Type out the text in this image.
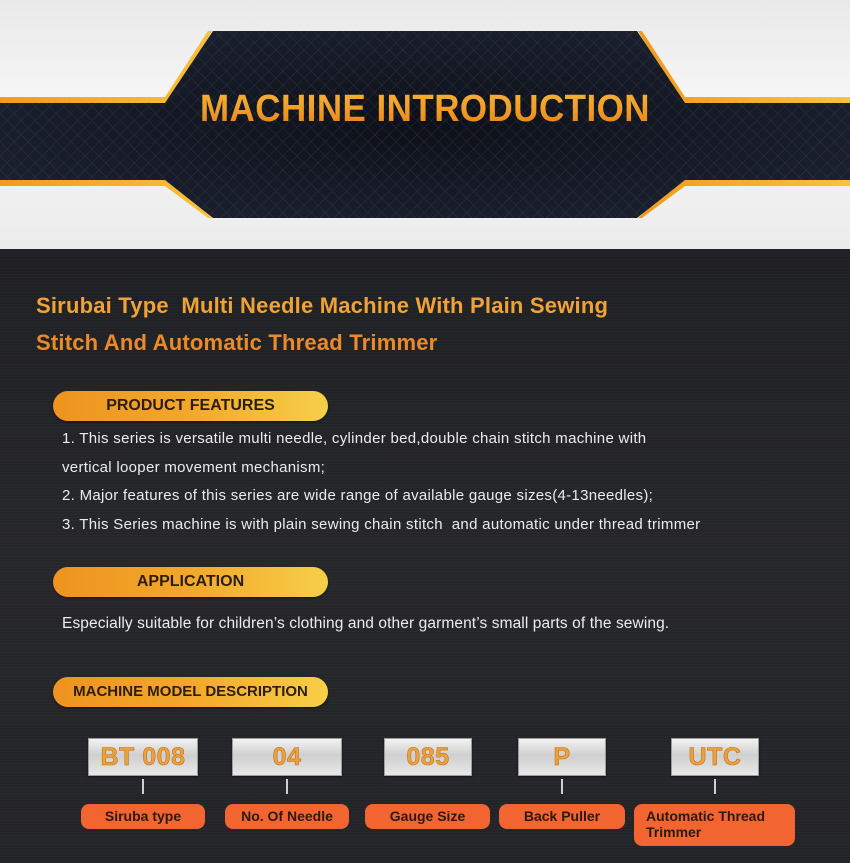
MACHINE INTRODUCTION
Sirubai Type  Multi Needle Machine With Plain Sewing
Stitch And Automatic Thread Trimmer
PRODUCT FEATURES
1. This series is versatile multi needle, cylinder bed,double chain stitch machine with
vertical looper movement mechanism;
2. Major features of this series are wide range of available gauge sizes(4-13needles);
3. This Series machine is with plain sewing chain stitch  and automatic under thread trimmer
APPLICATION
Especially suitable for children’s clothing and other garment’s small parts of the sewing.
MACHINE MODEL DESCRIPTION
BT 008	04	085	P	UTC
Siruba type	No. Of Needle	Gauge Size	Back Puller	Automatic Thread Trimmer
